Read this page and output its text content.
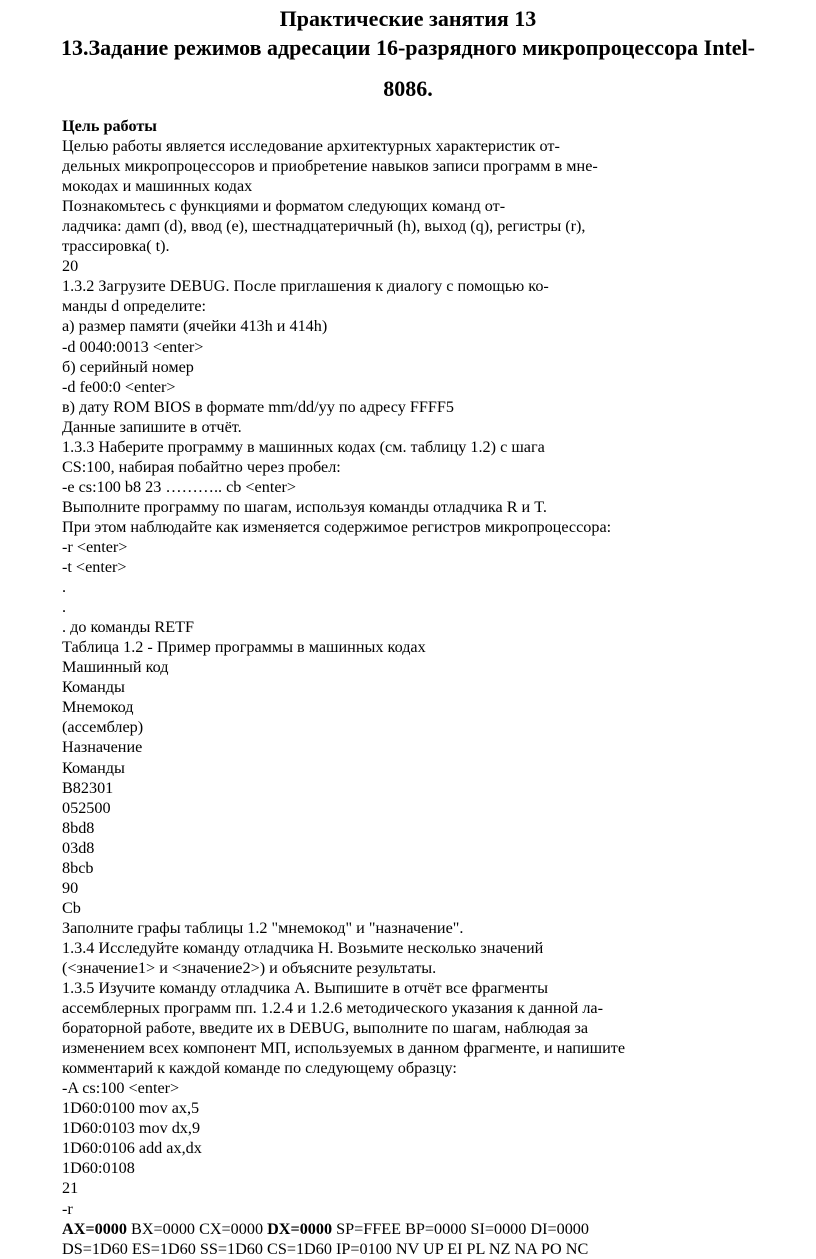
Практические занятия 13
13.Задание режимов адресации 16-разрядного микропроцессора Intel-
8086.
Цель работы
Целью работы является исследование архитектурных характеристик от-
дельных микропроцессоров и приобретение навыков записи программ в мне-
мокодах и машинных кодах
Познакомьтесь с функциями и форматом следующих команд от-
ладчика: дамп (d), ввод (e), шестнадцатеричный (h), выход (q), регистры (r),
трассировка( t).
20
1.3.2 Загрузите DEBUG. После приглашения к диалогу с помощью ко-
манды d определите:
а) размер памяти (ячейки 413h и 414h)
-d 0040:0013 <enter>
б) серийный номер
-d fe00:0 <enter>
в) дату ROM BIOS в формате mm/dd/yy по адресу FFFF5
Данные запишите в отчёт.
1.3.3 Наберите программу в машинных кодах (см. таблицу 1.2) с шага
CS:100, набирая побайтно через пробел:
-e cs:100 b8 23 ……….. cb <enter>
Выполните программу по шагам, используя команды отладчика R и T.
При этом наблюдайте как изменяется содержимое регистров микропроцессора:
-r <enter>
-t <enter>
.
.
. до команды RETF
Таблица 1.2 - Пример программы в машинных кодах
Машинный код
Команды
Мнемокод
(ассемблер)
Назначение
Команды
B82301
052500
8bd8
03d8
8bcb
90
Cb
Заполните графы таблицы 1.2 "мнемокод" и "назначение".
1.3.4 Исследуйте команду отладчика H. Возьмите несколько значений
(<значение1> и <значение2>) и объясните результаты.
1.3.5 Изучите команду отладчика A. Выпишите в отчёт все фрагменты
ассемблерных программ пп. 1.2.4 и 1.2.6 методического указания к данной ла-
бораторной работе, введите их в DEBUG, выполните по шагам, наблюдая за
изменением всех компонент МП, используемых в данном фрагменте, и напишите
комментарий к каждой команде по следующему образцу:
-A cs:100 <enter>
1D60:0100 mov ax,5
1D60:0103 mov dx,9
1D60:0106 add ax,dx
1D60:0108
21
-r
AX=0000 BX=0000 CX=0000 DX=0000 SP=FFEE BP=0000 SI=0000 DI=0000
DS=1D60 ES=1D60 SS=1D60 CS=1D60 IP=0100 NV UP EI PL NZ NA PO NC
